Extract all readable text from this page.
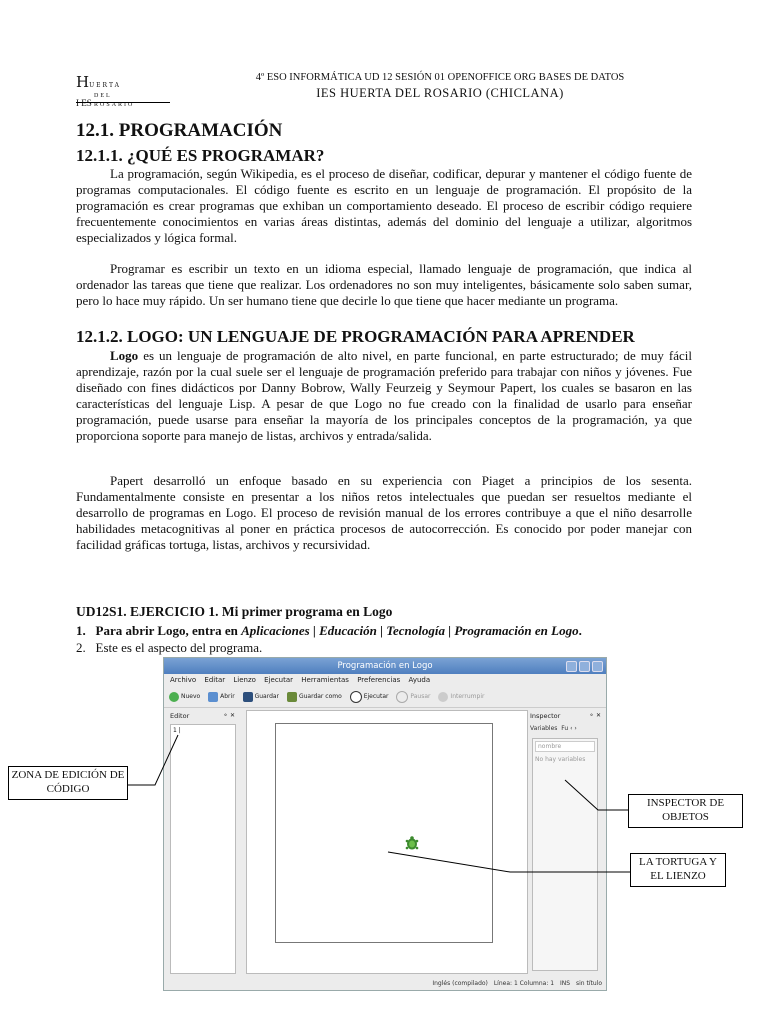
HUERTA
DEL
I ES ROSARIO
4º ESO INFORMÁTICA UD 12 SESIÓN 01 OPENOFFICE ORG BASES DE DATOS
IES HUERTA DEL ROSARIO (CHICLANA)
12.1. PROGRAMACIÓN
12.1.1. ¿QUÉ ES PROGRAMAR?

La programación, según Wikipedia, es el proceso de diseñar, codificar, depurar y mantener el código fuente de programas computacionales. El código fuente es escrito en un lenguaje de programación. El propósito de la programación es crear programas que exhiban un comportamiento deseado. El proceso de escribir código requiere frecuentemente conocimientos en varias áreas distintas, además del dominio del lenguaje a utilizar, algoritmos especializados y lógica formal.

Programar es escribir un texto en un idioma especial, llamado lenguaje de programación, que indica al ordenador las tareas que tiene que realizar. Los ordenadores no son muy inteligentes, básicamente solo saben sumar, pero lo hace muy rápido. Un ser humano tiene que decirle lo que tiene que hacer mediante un programa.

12.1.2. LOGO: UN LENGUAJE DE PROGRAMACIÓN PARA APRENDER

Logo es un lenguaje de programación de alto nivel, en parte funcional, en parte estructurado; de muy fácil aprendizaje, razón por la cual suele ser el lenguaje de programación preferido para trabajar con niños y jóvenes. Fue diseñado con fines didácticos por Danny Bobrow, Wally Feurzeig y Seymour Papert, los cuales se basaron en las características del lenguaje Lisp. A pesar de que Logo no fue creado con la finalidad de usarlo para enseñar programación, puede usarse para enseñar la mayoría de los principales conceptos de la programación, ya que proporciona soporte para manejo de listas, archivos y entrada/salida.

Papert desarrolló un enfoque basado en su experiencia con Piaget a principios de los sesenta. Fundamentalmente consiste en presentar a los niños retos intelectuales que puedan ser resueltos mediante el desarrollo de programas en Logo. El proceso de revisión manual de los errores contribuye a que el niño desarrolle habilidades metacognitivas al poner en práctica procesos de autocorrección. Es conocido por poder manejar con facilidad gráficas tortuga, listas, archivos y recursividad.

UD12S1. EJERCICIO 1. Mi primer programa en Logo
1. Para abrir Logo, entra en Aplicaciones | Educación | Tecnología | Programación en Logo.
2. Este es el aspecto del programa.
Programación en Logo
Archivo Editar Lienzo Ejecutar Herramientas Preferencias Ayuda
Nuevo	Abrir	Guardar	Guardar como	Ejecutar	Pausar	Interrumpir
Editor	⚬ ✕
1 |
Inspector	⚬ ✕
Variables Fu ‹ ›
nombre
No hay variables
Inglés (compilado) Línea: 1 Columna: 1 INS sin título
ZONA DE EDICIÓN DE CÓDIGO
INSPECTOR DE OBJETOS
LA TORTUGA Y EL LIENZO
